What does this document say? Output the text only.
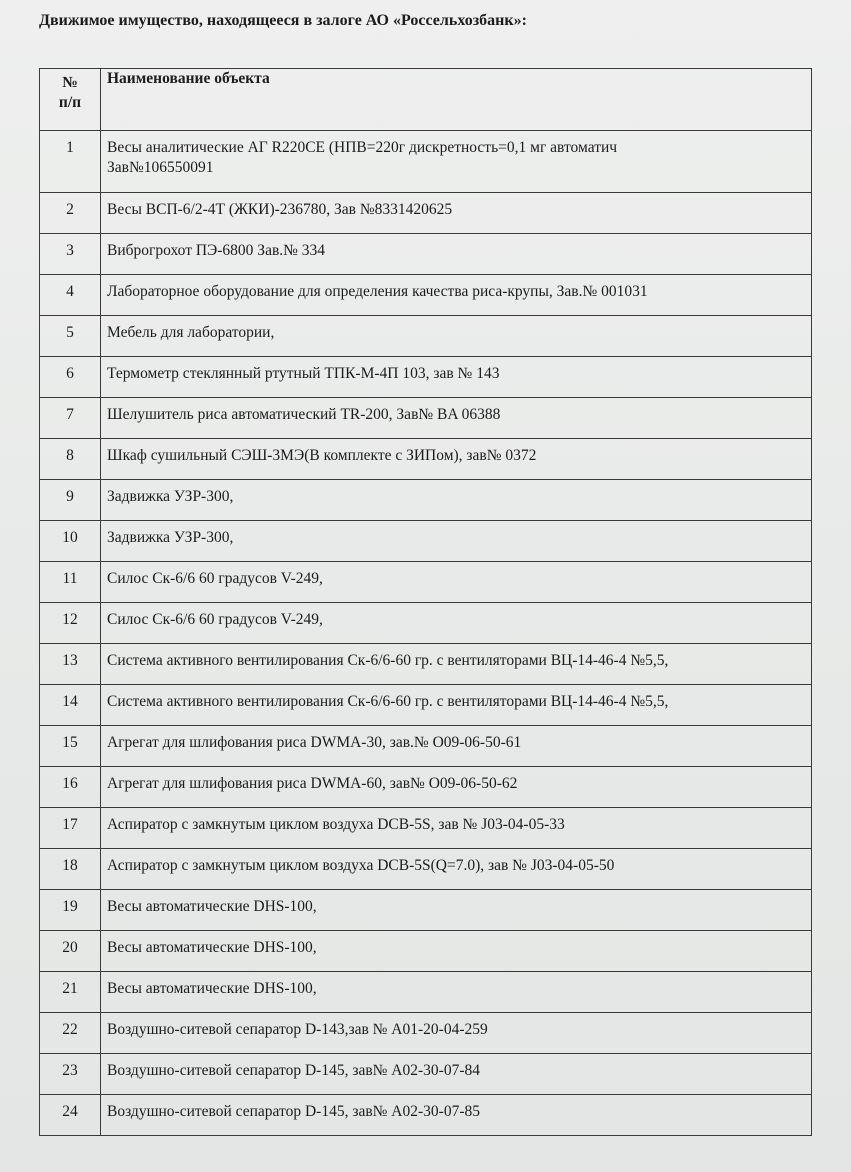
Движимое имущество, находящееся в залоге АО «Россельхозбанк»:
№
п/п	Наименование объекта
1	Весы аналитические АГ R220CE (НПВ=220г дискретность=0,1 мг автоматич
Зав№106550091

2	Весы ВСП-6/2-4Т (ЖКИ)-236780, Зав №8331420625

3	Виброгрохот ПЭ-6800 Зав.№ 334

4	Лабораторное оборудование для определения качества риса-крупы, Зав.№ 001031

5	Мебель для лаборатории,

6	Термометр стеклянный ртутный ТПК-М-4П 103, зав № 143

7	Шелушитель риса автоматический TR-200, Зав№ BA 06388

8	Шкаф сушильный СЭШ-3МЭ(В комплекте с ЗИПом), зав№ 0372

9	Задвижка УЗР-300,

10	Задвижка УЗР-300,

11	Силос Ск-6/6 60 градусов V-249,

12	Силос Ск-6/6 60 градусов V-249,

13	Система активного вентилирования Ск-6/6-60 гр. с вентиляторами ВЦ-14-46-4 №5,5,

14	Система активного вентилирования Ск-6/6-60 гр. с вентиляторами ВЦ-14-46-4 №5,5,

15	Агрегат для шлифования риса DWMA-30, зав.№ О09-06-50-61

16	Агрегат для шлифования риса DWMA-60, зав№ О09-06-50-62

17	Аспиратор с замкнутым циклом воздуха DCB-5S, зав № J03-04-05-33

18	Аспиратор с замкнутым циклом воздуха DCB-5S(Q=7.0), зав № J03-04-05-50

19	Весы автоматические DHS-100,

20	Весы автоматические DHS-100,

21	Весы автоматические DHS-100,

22	Воздушно-ситевой сепаратор D-143,зав № А01-20-04-259

23	Воздушно-ситевой сепаратор D-145, зав№ А02-30-07-84

24	Воздушно-ситевой сепаратор D-145, зав№ А02-30-07-85
